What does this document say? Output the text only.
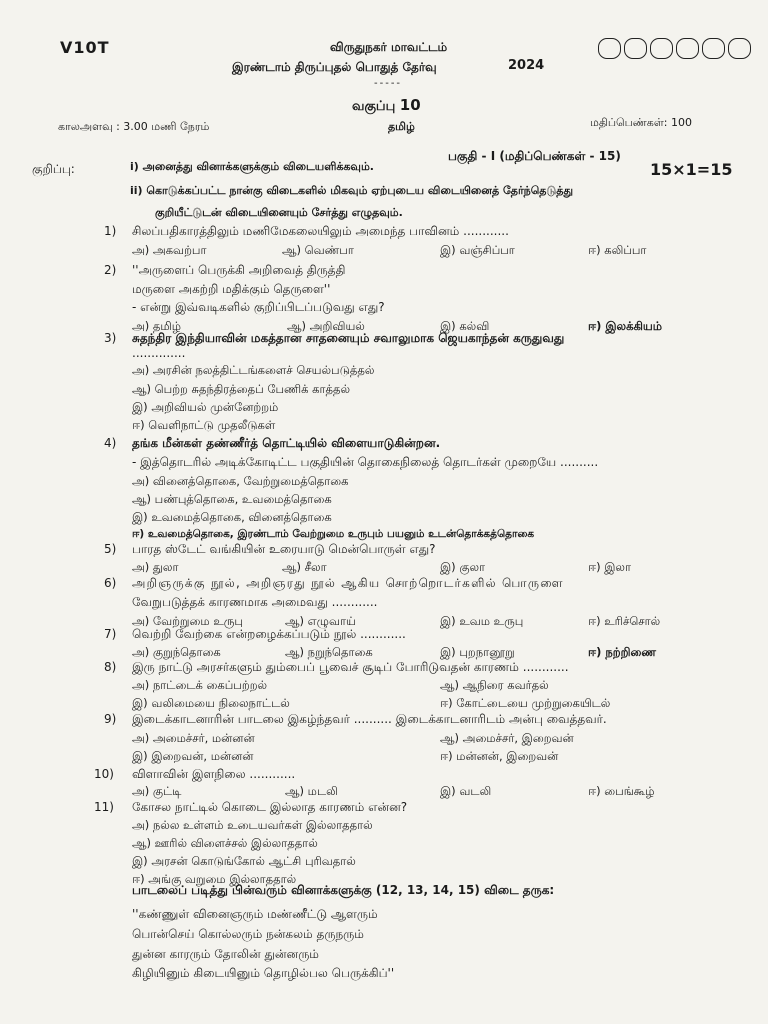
V10T	விருதுநகர் மாவட்டம்
இரண்டாம் திருப்புதல் பொதுத் தேர்வு	2024
-----
வகுப்பு 10
காலஅளவு : 3.00 மணி நேரம்	தமிழ்	மதிப்பெண்கள்: 100
பகுதி - I (மதிப்பெண்கள் - 15)
குறிப்பு:	i) அனைத்து வினாக்களுக்கும் விடையளிக்கவும்.	15×1=15
ii) கொடுக்கப்பட்ட நான்கு விடைகளில் மிகவும் ஏற்புடைய விடையினைத் தேர்ந்தெடுத்து
குறியீட்டுடன் விடையினையும் சேர்த்து எழுதவும்.
1) சிலப்பதிகாரத்திலும் மணிமேகலையிலும் அமைந்த பாவினம் ............
அ) அகவற்பா	ஆ) வெண்பா	இ) வஞ்சிப்பா	ஈ) கலிப்பா
2) ''அருளைப் பெருக்கி அறிவைத் திருத்தி
மருளை அகற்றி மதிக்கும் தெருளை''
- என்று இவ்வடிகளில் குறிப்பிடப்படுவது எது?
அ) தமிழ்	ஆ) அறிவியல்	இ) கல்வி	ஈ) இலக்கியம்
3) சுதந்திர இந்தியாவின் மகத்தான சாதனையும் சவாலுமாக ஜெயகாந்தன் கருதுவது
..............
அ) அரசின் நலத்திட்டங்களைச் செயல்படுத்தல்
ஆ) பெற்ற சுதந்திரத்தைப் பேணிக் காத்தல்
இ) அறிவியல் முன்னேற்றம்
ஈ) வெளிநாட்டு முதலீடுகள்
4) தங்க மீன்கள் தண்ணீர்த் தொட்டியில் விளையாடுகின்றன.
- இத்தொடரில் அடிக்கோடிட்ட பகுதியின் தொகைநிலைத் தொடர்கள் முறையே ..........
அ) வினைத்தொகை, வேற்றுமைத்தொகை
ஆ) பண்புத்தொகை, உவமைத்தொகை
இ) உவமைத்தொகை, வினைத்தொகை
ஈ) உவமைத்தொகை, இரண்டாம் வேற்றுமை உருபும் பயனும் உடன்தொக்கத்தொகை
5) பாரத ஸ்டேட் வங்கியின் உரையாடு மென்பொருள் எது?
அ) துலா	ஆ) சீலா	இ) குலா	ஈ) இலா
6) அறிஞருக்கு நூல், அறிஞரது நூல் ஆகிய சொற்றொடர்களில் பொருளை
வேறுபடுத்தக் காரணமாக அமைவது ............
அ) வேற்றுமை உருபு	ஆ) எழுவாய்	இ) உவம உருபு	ஈ) உரிச்சொல்
7) வெற்றி வேற்கை என்றழைக்கப்படும் நூல் ............
அ) குறுந்தொகை	ஆ) நறுந்தொகை	இ) புறநானூறு	ஈ) நற்றிணை
8) இரு நாட்டு அரசர்களும் தும்பைப் பூவைச் சூடிப் போரிடுவதன் காரணம் ............
அ) நாட்டைக் கைப்பற்றல்	ஆ) ஆநிரை கவர்தல்
இ) வலிமையை நிலைநாட்டல்	ஈ) கோட்டையை முற்றுகையிடல்
9) இடைக்காடனாரின் பாடலை இகழ்ந்தவர் .......... இடைக்காடனாரிடம் அன்பு வைத்தவர்.
அ) அமைச்சர், மன்னன்	ஆ) அமைச்சர், இறைவன்
இ) இறைவன், மன்னன்	ஈ) மன்னன், இறைவன்
10) விளாவின் இளநிலை ............
அ) குட்டி	ஆ) மடலி	இ) வடலி	ஈ) பைங்கூழ்
11) கோசல நாட்டில் கொடை இல்லாத காரணம் என்ன?
அ) நல்ல உள்ளம் உடையவர்கள் இல்லாததால்
ஆ) ஊரில் விளைச்சல் இல்லாததால்
இ) அரசன் கொடுங்கோல் ஆட்சி புரிவதால்
ஈ) அங்கு வறுமை இல்லாததால்
பாடலைப் படித்து பின்வரும் வினாக்களுக்கு (12, 13, 14, 15) விடை தருக:
''கண்ணுள் வினைஞரும் மண்ணீட்டு ஆளரும்
பொன்செய் கொல்லரும் நன்கலம் தருநரும்
துன்ன காரரும் தோலின் துன்னரும்
கிழியினும் கிடையினும் தொழில்பல பெருக்கிப்''
